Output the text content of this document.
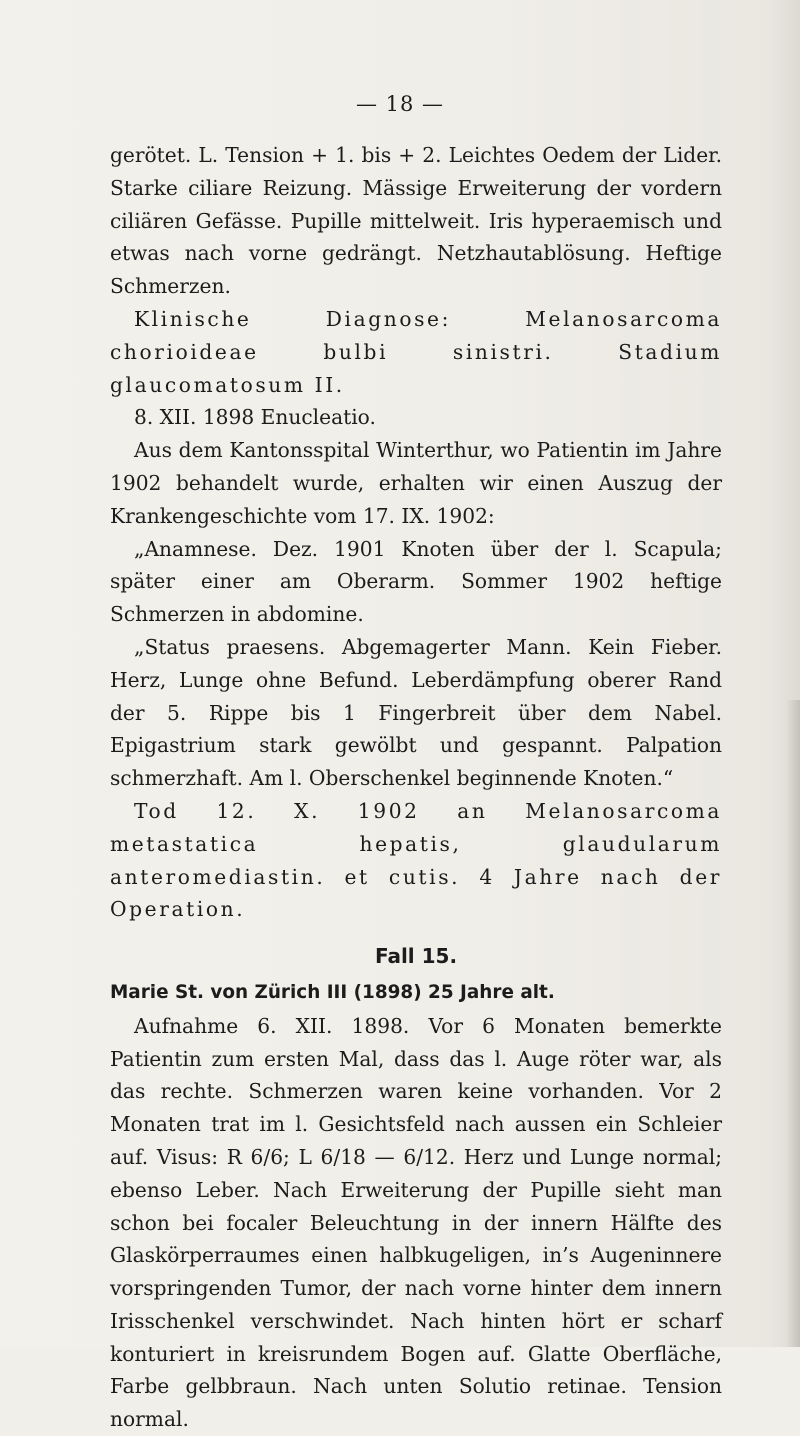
— 18 —

gerötet. L. Tension + 1. bis + 2. Leichtes Oedem der Lider. Starke ciliare Reizung. Mässige Erweiterung der vordern ciliären Gefässe. Pupille mittelweit. Iris hyperaemisch und etwas nach vorne gedrängt. Netzhautablösung. Heftige Schmerzen.

Klinische Diagnose: Melanosarcoma chorioideae bulbi sinistri. Stadium glaucomatosum II.

8. XII. 1898 Enucleatio.

Aus dem Kantonsspital Winterthur, wo Patientin im Jahre 1902 behandelt wurde, erhalten wir einen Auszug der Krankengeschichte vom 17. IX. 1902:

„Anamnese. Dez. 1901 Knoten über der l. Scapula; später einer am Oberarm. Sommer 1902 heftige Schmerzen in abdomine.

„Status praesens. Abgemagerter Mann. Kein Fieber. Herz, Lunge ohne Befund. Leberdämpfung oberer Rand der 5. Rippe bis 1 Fingerbreit über dem Nabel. Epigastrium stark gewölbt und gespannt. Palpation schmerzhaft. Am l. Oberschenkel beginnende Knoten.“

Tod 12. X. 1902 an Melanosarcoma metastatica hepatis, glaudularum anteromediastin. et cutis. 4 Jahre nach der Operation.

Fall 15.

Marie St. von Zürich III (1898) 25 Jahre alt.

Aufnahme 6. XII. 1898. Vor 6 Monaten bemerkte Patientin zum ersten Mal, dass das l. Auge röter war, als das rechte. Schmerzen waren keine vorhanden. Vor 2 Monaten trat im l. Gesichtsfeld nach aussen ein Schleier auf. Visus: R 6/6; L 6/18 — 6/12. Herz und Lunge normal; ebenso Leber. Nach Erweiterung der Pupille sieht man schon bei focaler Beleuchtung in der innern Hälfte des Glaskörperraumes einen halbkugeligen, in’s Augeninnere vorspringenden Tumor, der nach vorne hinter dem innern Irisschenkel verschwindet. Nach hinten hört er scharf konturiert in kreisrundem Bogen auf. Glatte Oberfläche, Farbe gelbbraun. Nach unten Solutio retinae. Tension normal.
